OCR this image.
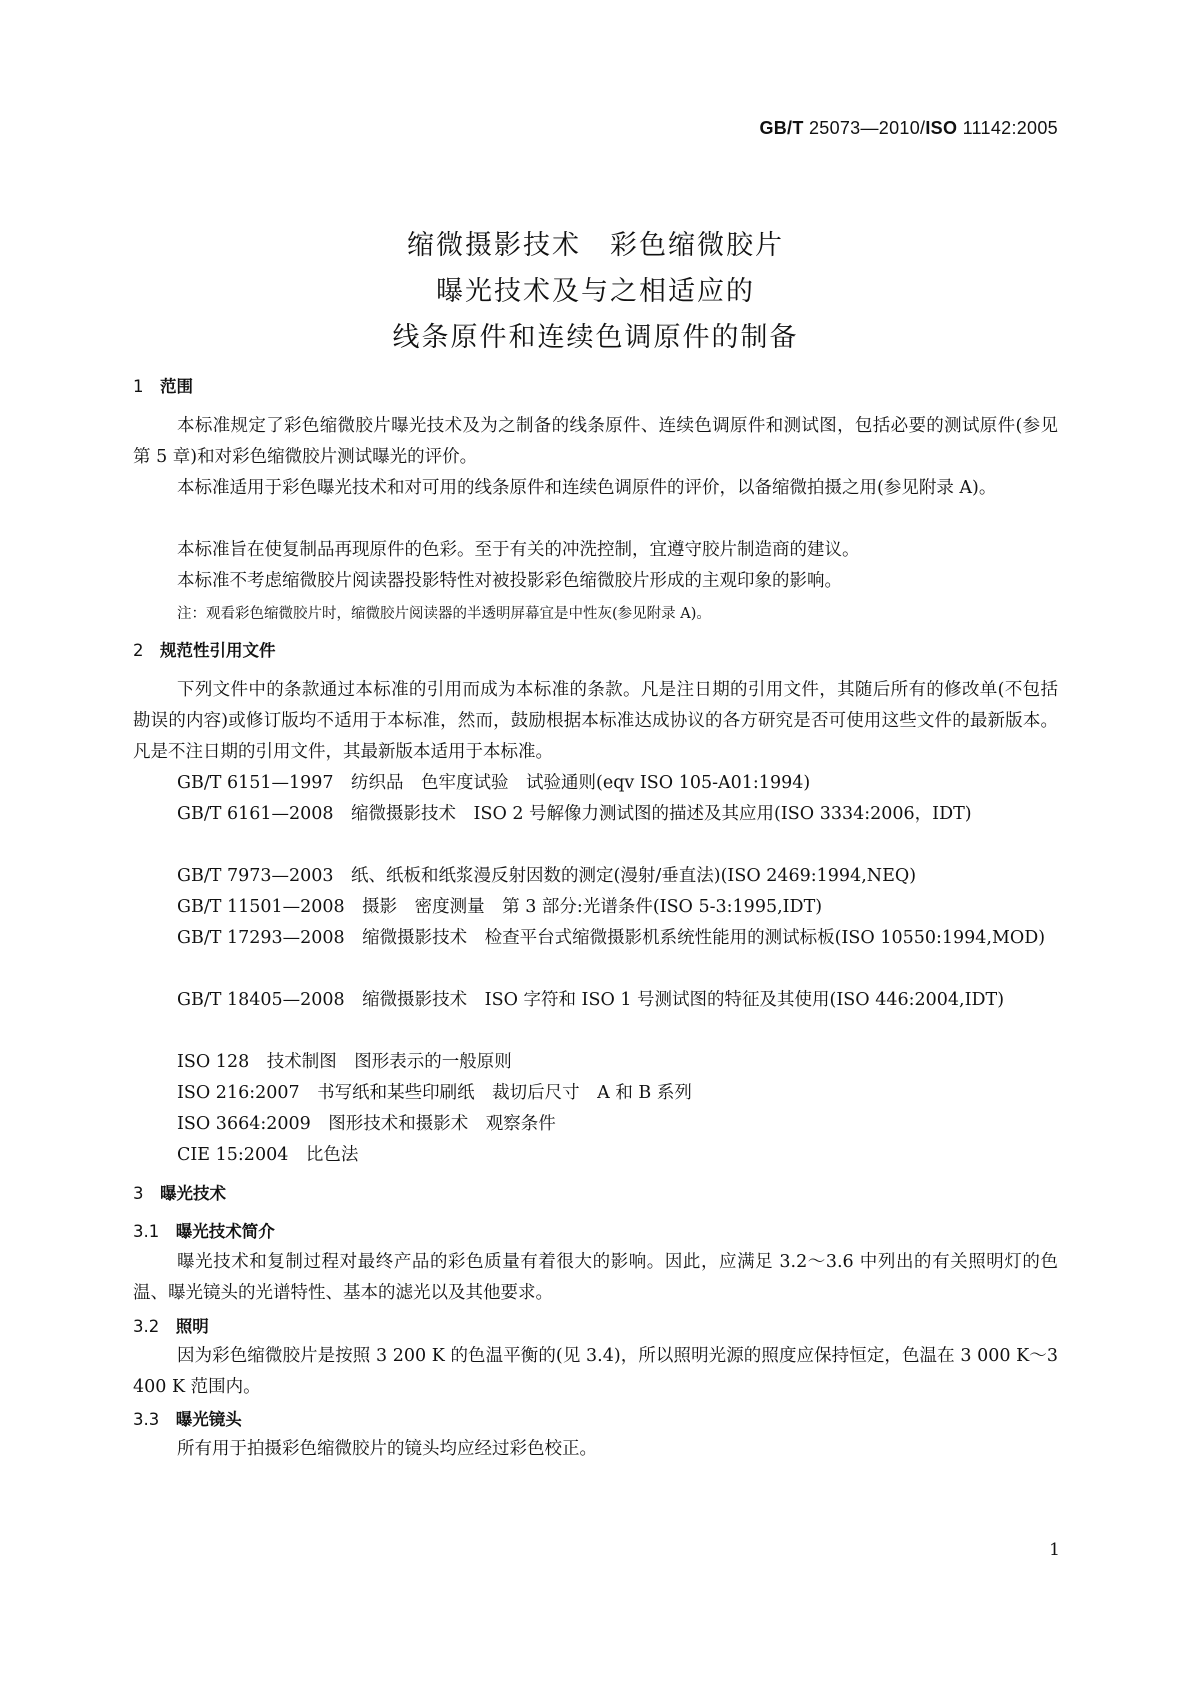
GB/T 25073—2010/ISO 11142:2005
缩微摄影技术　彩色缩微胶片
曝光技术及与之相适应的
线条原件和连续色调原件的制备
1　 范围
本标准规定了彩色缩微胶片曝光技术及为之制备的线条原件、连续色调原件和测试图，包括必要的测试原件(参见第 5 章)和对彩色缩微胶片测试曝光的评价。
本标准适用于彩色曝光技术和对可用的线条原件和连续色调原件的评价，以备缩微拍摄之用(参见附录 A)。
本标准旨在使复制品再现原件的色彩。至于有关的冲洗控制，宜遵守胶片制造商的建议。
本标准不考虑缩微胶片阅读器投影特性对被投影彩色缩微胶片形成的主观印象的影响。
注：观看彩色缩微胶片时，缩微胶片阅读器的半透明屏幕宜是中性灰(参见附录 A)。
2　 规范性引用文件
下列文件中的条款通过本标准的引用而成为本标准的条款。凡是注日期的引用文件，其随后所有的修改单(不包括勘误的内容)或修订版均不适用于本标准，然而，鼓励根据本标准达成协议的各方研究是否可使用这些文件的最新版本。凡是不注日期的引用文件，其最新版本适用于本标准。
GB/T 6151—1997　纺织品　色牢度试验　试验通则(eqv ISO 105-A01:1994)
GB/T 6161—2008　缩微摄影技术　ISO 2 号解像力测试图的描述及其应用(ISO 3334:2006，IDT)
GB/T 7973—2003　纸、纸板和纸浆漫反射因数的测定(漫射/垂直法)(ISO 2469:1994,NEQ)
GB/T 11501—2008　摄影　密度测量　第 3 部分:光谱条件(ISO 5-3:1995,IDT)
GB/T 17293—2008　缩微摄影技术　检查平台式缩微摄影机系统性能用的测试标板(ISO 10550:1994,MOD)
GB/T 18405—2008　缩微摄影技术　ISO 字符和 ISO 1 号测试图的特征及其使用(ISO 446:2004,IDT)
ISO 128　技术制图　图形表示的一般原则
ISO 216:2007　书写纸和某些印刷纸　裁切后尺寸　A 和 B 系列
ISO 3664:2009　图形技术和摄影术　观察条件
CIE 15:2004　比色法
3　 曝光技术
3.1　 曝光技术简介
曝光技术和复制过程对最终产品的彩色质量有着很大的影响。因此，应满足 3.2～3.6 中列出的有关照明灯的色温、曝光镜头的光谱特性、基本的滤光以及其他要求。
3.2　 照明
因为彩色缩微胶片是按照 3 200 K 的色温平衡的(见 3.4)，所以照明光源的照度应保持恒定，色温在 3 000 K～3 400 K 范围内。
3.3　 曝光镜头
所有用于拍摄彩色缩微胶片的镜头均应经过彩色校正。
1
